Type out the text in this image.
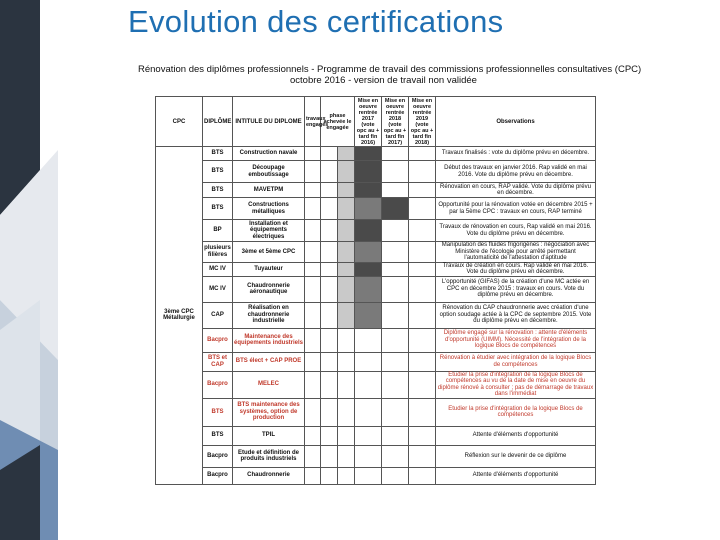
Evolution des certifications
Rénovation des diplômes professionnels - Programme de travail des commissions professionnelles consultatives (CPC)
octobre 2016 - version de travail non validée
CPC	DIPLÔME	INTITULE DU DIPLOME	travaux engagés	phase achevée le engagée		Mise en oeuvre rentrée 2017 (vote opc au + tard fin 2016)	Mise en oeuvre rentrée 2018 (vote opc au + tard fin 2017)	Mise en oeuvre rentrée 2019 (vote opc au + tard fin 2018)	Observations
3ème CPC Métallurgie	BTS	Construction navale							Travaux finalisés : vote du diplôme prévu en décembre.
	BTS	Découpage emboutissage							Début des travaux en janvier 2016. Rap validé en mai 2016. Vote du diplôme prévu en décembre.
	BTS	MAVETPM							Rénovation en cours, RAP validé. Vote du diplôme prévu en décembre.
	BTS	Constructions métalliques							Opportunité pour la rénovation votée en décembre 2015 + par la 5ème CPC : travaux en cours, RAP terminé
	BP	Installation et équipements électriques							Travaux de rénovation en cours, Rap validé en mai 2016. Vote du diplôme prévu en décembre.
	plusieurs filières	3ème et 5ème CPC							Manipulation des fluides frigorigènes : négociation avec Ministère de l'écologie pour arrêté permettant l'automaticité de l'attestation d'aptitude
	MC IV	Tuyauteur							Travaux de création en cours. Rap validé en mai 2016. Vote du diplôme prévu en décembre.
	MC IV	Chaudronnerie aéronautique							L'opportunité (GIFAS) de la création d'une MC actée en CPC en décembre 2015 : travaux en cours. Vote du diplôme prévu en décembre.
	CAP	Réalisation en chaudronnerie industrielle							Rénovation du CAP chaudronnerie avec création d'une option soudage actée à la CPC de septembre 2015. Vote du diplôme prévu en décembre.
	Bacpro	Maintenance des équipements industriels							Diplôme engagé sur la rénovation : attente d'éléments d'opportunité (UIMM). Nécessité de l'intégration de la logique Blocs de compétences
	BTS et CAP	BTS élect + CAP PROE							Rénovation à étudier avec intégration de la logique Blocs de compétences
	Bacpro	MELEC							Etudier la prise d'intégration de la logique Blocs de compétences au vu de la date de mise en oeuvre du diplôme rénové à consulter ; pas de démarrage de travaux dans l'immédiat
	BTS	BTS maintenance des systèmes, option de production							Etudier la prise d'intégration de la logique Blocs de compétences
	BTS	TPIL							Attente d'éléments d'opportunité
	Bacpro	Etude et définition de produits industriels							Réflexion sur le devenir de ce diplôme
	Bacpro	Chaudronnerie							Attente d'éléments d'opportunité
